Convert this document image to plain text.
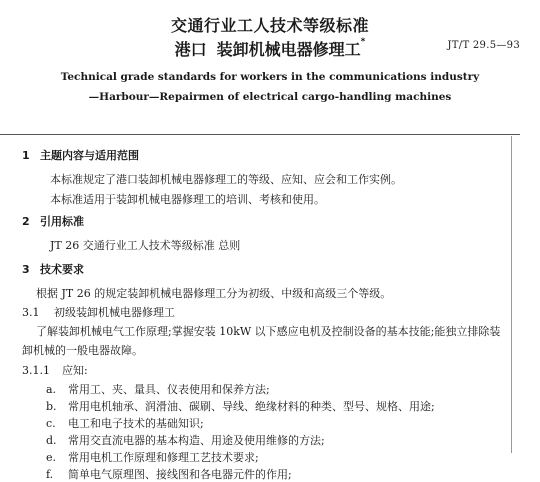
交通行业工人技术等级标准
港口 装卸机械电器修理工*	JT/T 29.5—93
Technical grade standards for workers in the communications industry
—Harbour—Repairmen of electrical cargo-handling machines
1 主题内容与适用范围
本标准规定了港口装卸机械电器修理工的等级、应知、应会和工作实例。
本标准适用于装卸机械电器修理工的培训、考核和使用。
2 引用标准
JT 26 交通行业工人技术等级标准 总则
3 技术要求
根据 JT 26 的规定装卸机械电器修理工分为初级、中级和高级三个等级。
3.1 初级装卸机械电器修理工
了解装卸机械电气工作原理;掌握安装 10kW 以下感应电机及控制设备的基本技能;能独立排除装
卸机械的一般电器故障。
3.1.1 应知:
a. 常用工、夹、量具、仪表使用和保养方法;
b. 常用电机轴承、润滑油、碳刷、导线、绝缘材料的种类、型号、规格、用途;
c. 电工和电子技术的基础知识;
d. 常用交直流电器的基本构造、用途及使用维修的方法;
e. 常用电机工作原理和修理工艺技术要求;
f. 简单电气原理图、接线图和各电器元件的作用;
